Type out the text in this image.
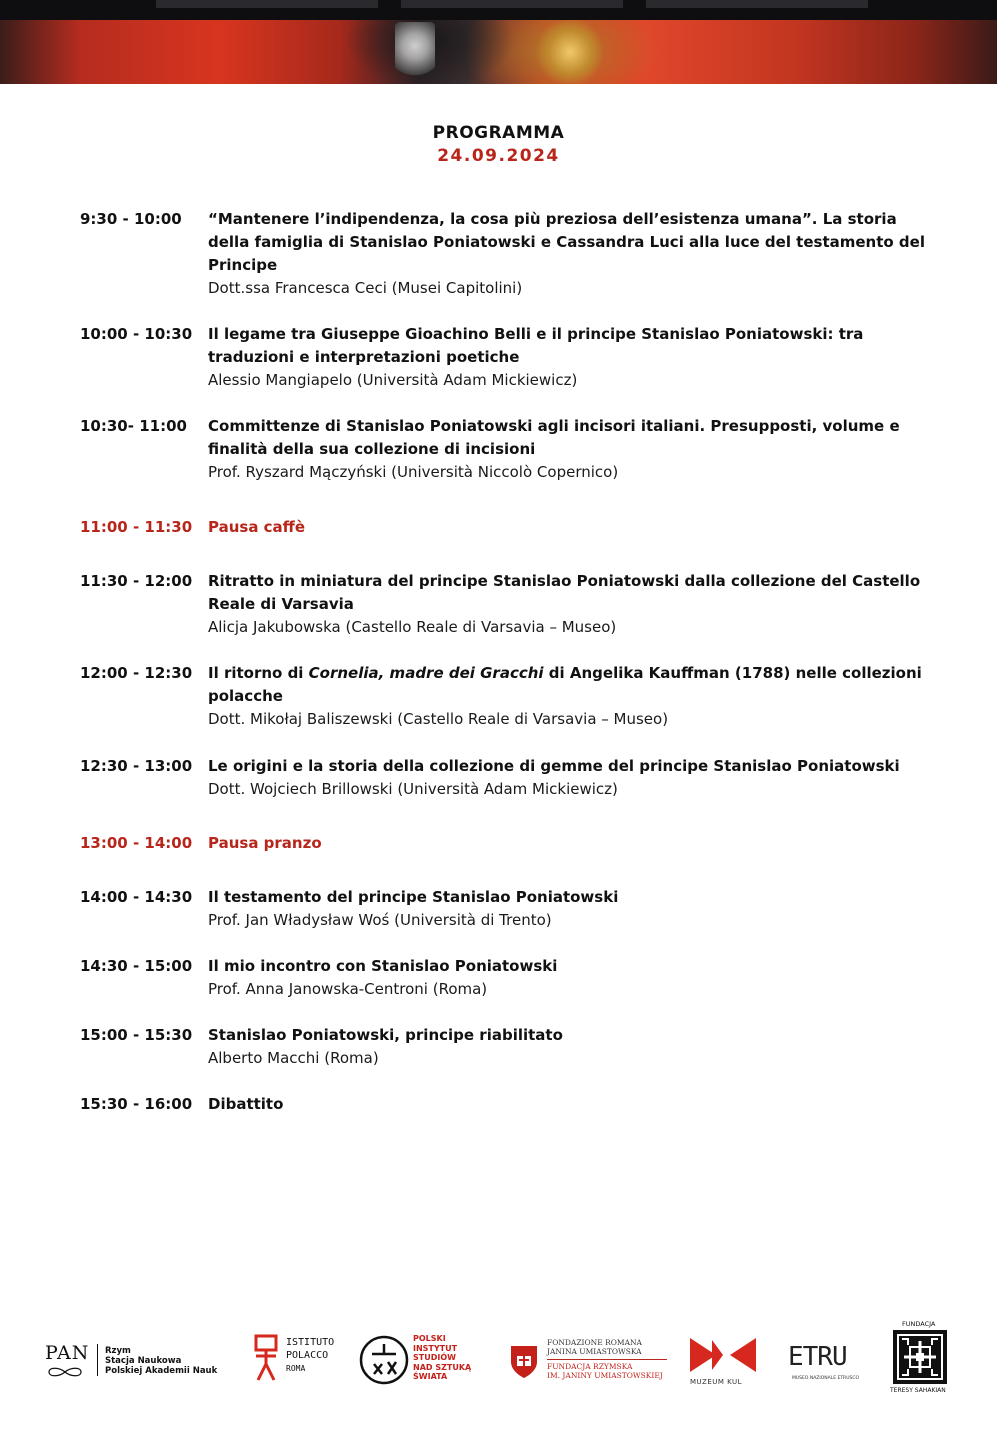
PROGRAMMA
24.09.2024
9:30 - 10:00	“Mantenere l’indipendenza, la cosa più preziosa dell’esistenza umana”. La storia della famiglia di Stanislao Poniatowski e Cassandra Luci alla luce del testamento del Principe
Dott.ssa Francesca Ceci (Musei Capitolini)
10:00 - 10:30	Il legame tra Giuseppe Gioachino Belli e il principe Stanislao Poniatowski: tra traduzioni e interpretazioni poetiche
Alessio Mangiapelo (Università Adam Mickiewicz)
10:30- 11:00	Committenze di Stanislao Poniatowski agli incisori italiani. Presupposti, volume e finalità della sua collezione di incisioni
Prof. Ryszard Mączyński (Università Niccolò Copernico)
11:00 - 11:30	Pausa caffè
11:30 - 12:00	Ritratto in miniatura del principe Stanislao Poniatowski dalla collezione del Castello Reale di Varsavia
Alicja Jakubowska (Castello Reale di Varsavia – Museo)
12:00 - 12:30	Il ritorno di Cornelia, madre dei Gracchi di Angelika Kauffman (1788) nelle collezioni polacche
Dott. Mikołaj Baliszewski (Castello Reale di Varsavia – Museo)
12:30 - 13:00	Le origini e la storia della collezione di gemme del principe Stanislao Poniatowski
Dott. Wojciech Brillowski (Università Adam Mickiewicz)
13:00 - 14:00	Pausa pranzo
14:00 - 14:30	Il testamento del principe Stanislao Poniatowski
Prof. Jan Władysław Woś (Università di Trento)
14:30 - 15:00	Il mio incontro con Stanislao Poniatowski
Prof. Anna Janowska-Centroni (Roma)
15:00 - 15:30	Stanislao Poniatowski, principe riabilitato
Alberto Macchi (Roma)
15:30 - 16:00	Dibattito
PAN Rzym
Stacja Naukowa
Polskiej Akademii Nauk
ISTITUTO
POLACCO
ROMA
POLSKI
INSTYTUT
STUDIÓW
NAD SZTUKĄ
ŚWIATA
FONDAZIONE ROMANA
JANINA UMIASTOWSKA
FUNDACJA RZYMSKA
IM. JANINY UMIASTOWSKIEJ
MUZEUM KUL
ETRU
MUSEO NAZIONALE ETRUSCO
FUNDACJA
TERESY SAHAKIAN
